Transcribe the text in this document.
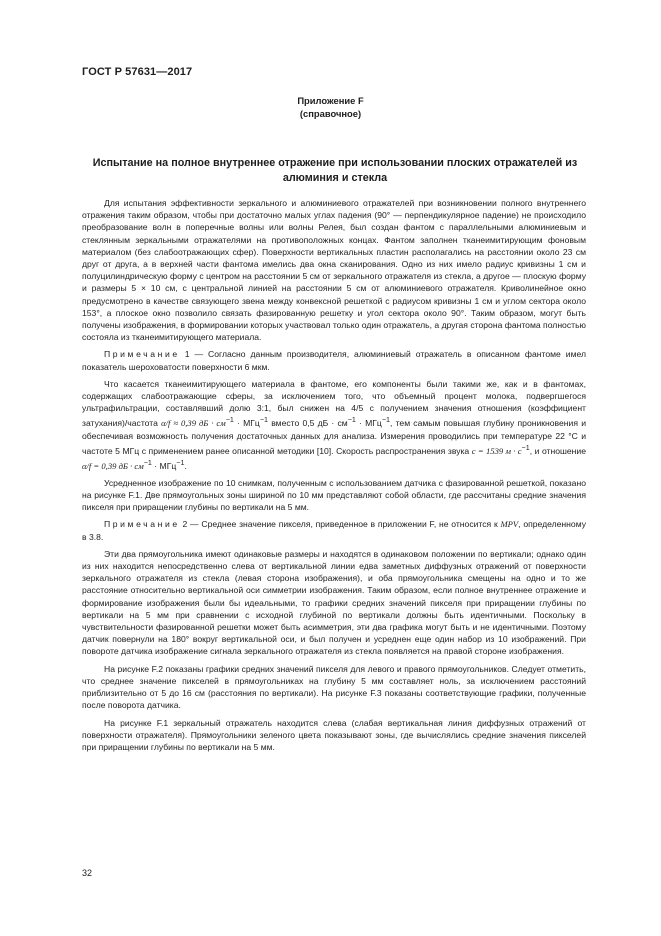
ГОСТ Р 57631—2017
Приложение F
(справочное)
Испытание на полное внутреннее отражение при использовании плоских отражателей из алюминия и стекла

Для испытания эффективности зеркального и алюминиевого отражателей при возникновении полного внутреннего отражения таким образом, чтобы при достаточно малых углах падения (90° — перпендикулярное падение) не происходило преобразование волн в поперечные волны или волны Релея, был создан фантом с параллельными алюминиевым и стеклянным зеркальными отражателями на противоположных концах. Фантом заполнен тканеимитирующим фоновым материалом (без слабоотражающих сфер). Поверхности вертикальных пластин располагались на расстоянии около 23 см друг от друга, а в верхней части фантома имелись два окна сканирования. Одно из них имело радиус кривизны 1 см и полуцилиндрическую форму с центром на расстоянии 5 см от зеркального отражателя из стекла, а другое — плоскую форму и размеры 5 × 10 см, с центральной линией на расстоянии 5 см от алюминиевого отражателя. Криволинейное окно предусмотрено в качестве связующего звена между конвексной решеткой с радиусом кривизны 1 см и углом сектора около 153°, а плоское окно позволило связать фазированную решетку и угол сектора около 90°. Таким образом, могут быть получены изображения, в формировании которых участвовал только один отражатель, а другая сторона фантома полностью состояла из тканеимитирующего материала.

Примечание 1 — Согласно данным производителя, алюминиевый отражатель в описанном фантоме имел показатель шероховатости поверхности 6 мкм.

Что касается тканеимитирующего материала в фантоме, его компоненты были такими же, как и в фантомах, содержащих слабоотражающие сферы, за исключением того, что объемный процент молока, подвергшегося ультрафильтрации, составлявший долю 3:1, был снижен на 4/5 с получением значения отношения (коэффициент затухания)/частота α/f ≈ 0,39 дБ · $см^{-1} \cdot МГц^{-1}$ вместо 0,5 дБ · $см^{-1} \cdot МГц^{-1}$, тем самым повышая глубину проникновения и обеспечивая возможность получения достаточных данных для анализа. Измерения проводились при температуре 22 °C и частоте 5 МГц с применением ранее описанной методики [10]. Скорость распространения звука c = 1539 $м \cdot с^{-1}$, и отношение α/f = 0,39 дБ · $см^{-1} \cdot МГц^{-1}$.

Усредненное изображение по 10 снимкам, полученным с использованием датчика с фазированной решеткой, показано на рисунке F.1. Две прямоугольных зоны шириной по 10 мм представляют собой области, где рассчитаны средние значения пикселя при приращении глубины по вертикали на 5 мм.

Примечание 2 — Среднее значение пикселя, приведенное в приложении F, не относится к MPV, определенному в 3.8.

Эти два прямоугольника имеют одинаковые размеры и находятся в одинаковом положении по вертикали; однако один из них находится непосредственно слева от вертикальной линии едва заметных диффузных отражений от поверхности зеркального отражателя из стекла (левая сторона изображения), и оба прямоугольника смещены на одно и то же расстояние относительно вертикальной оси симметрии изображения. Таким образом, если полное внутреннее отражение и формирование изображения были бы идеальными, то графики средних значений пикселя при приращении глубины по вертикали на 5 мм при сравнении с исходной глубиной по вертикали должны быть идентичными. Поскольку в чувствительности фазированной решетки может быть асимметрия, эти два графика могут быть и не идентичными. Поэтому датчик повернули на 180° вокруг вертикальной оси, и был получен и усреднен еще один набор из 10 изображений. При повороте датчика изображение сигнала зеркального отражателя из стекла появляется на правой стороне изображения.

На рисунке F.2 показаны графики средних значений пикселя для левого и правого прямоугольников. Следует отметить, что среднее значение пикселей в прямоугольниках на глубину 5 мм составляет ноль, за исключением расстояний приблизительно от 5 до 16 см (расстояния по вертикали). На рисунке F.3 показаны соответствующие графики, полученные после поворота датчика.

На рисунке F.1 зеркальный отражатель находится слева (слабая вертикальная линия диффузных отражений от поверхности отражателя). Прямоугольники зеленого цвета показывают зоны, где вычислялись средние значения пикселей при приращении глубины по вертикали на 5 мм.

32
